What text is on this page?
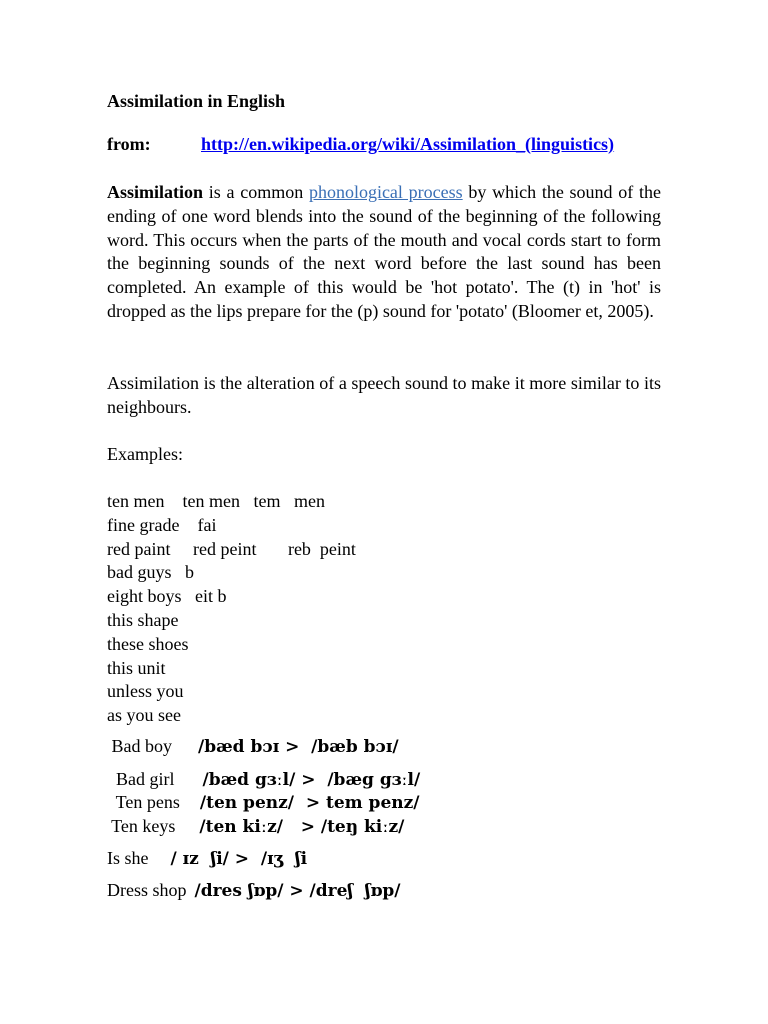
Assimilation in English
from:	http://en.wikipedia.org/wiki/Assimilation_(linguistics)
Assimilation is a common phonological process by which the sound of the ending of one word blends into the sound of the beginning of the following word. This occurs when the parts of the mouth and vocal cords start to form the beginning sounds of the next word before the last sound has been completed. An example of this would be 'hot potato'. The (t) in 'hot' is dropped as the lips prepare for the (p) sound for 'potato' (Bloomer et, 2005).
Assimilation is the alteration of a speech sound to make it more similar to its neighbours.
Examples:
ten men    ten men   tem   men
fine grade    fai
red paint     red peint       reb  peint
bad guys   b
eight boys   eit b
this shape
these shoes
this unit
unless you
as you see
Bad boy /bæd bɔɪ >  /bæb bɔɪ/
Bad girl /bæd gɜːl/ >  /bæg gɜːl/
Ten pens /ten penz/  > tem penz/
Ten keys /ten kiːz/   > /teŋ kiːz/
Is she / ɪz  ʃi/ >  /ɪʒ  ʃi
Dress shop /dres ʃɒp/ > /dreʃ  ʃɒp/
